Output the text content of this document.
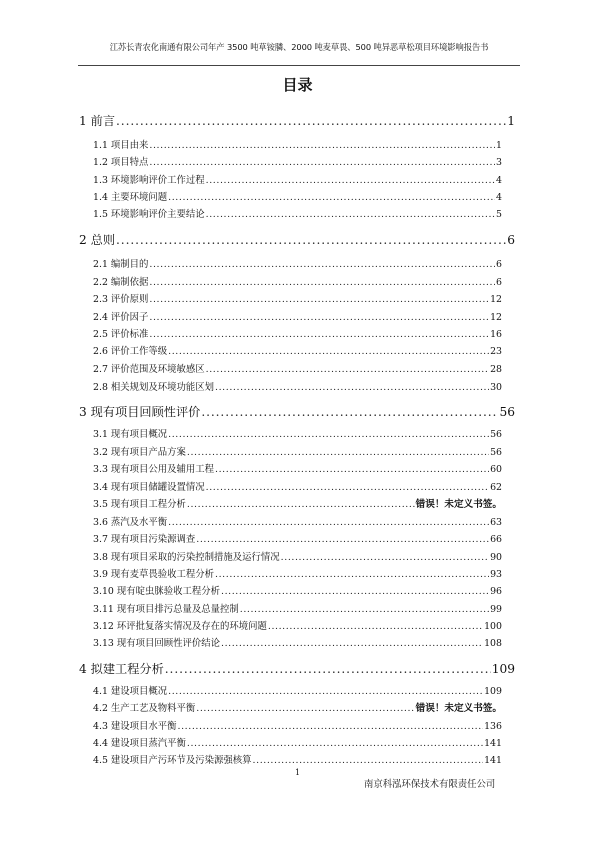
江苏长青农化南通有限公司年产 3500 吨草铵膦、2000 吨麦草畏、500 吨异恶草松项目环境影响报告书
目录
1 前言 .....	1
1.1 项目由来 .....	1
1.2 项目特点 .....	3
1.3 环境影响评价工作过程 .....	4
1.4 主要环境问题 .....	4
1.5 环境影响评价主要结论 .....	5
2 总则 .....	6
2.1 编制目的 .....	6
2.2 编制依据 .....	6
2.3 评价原则 .....	12
2.4 评价因子 .....	12
2.5 评价标准 .....	16
2.6 评价工作等级 .....	23
2.7 评价范围及环境敏感区 .....	28
2.8 相关规划及环境功能区划 .....	30
3 现有项目回顾性评价 .....	56
3.1 现有项目概况 .....	56
3.2 现有项目产品方案 .....	56
3.3 现有项目公用及辅用工程 .....	60
3.4 现有项目储罐设置情况 .....	62
3.5 现有项目工程分析 .....	错误！未定义书签。
3.6 蒸汽及水平衡 .....	63
3.7 现有项目污染源调查 .....	66
3.8 现有项目采取的污染控制措施及运行情况 .....	90
3.9 现有麦草畏验收工程分析 .....	93
3.10 现有啶虫脒验收工程分析 .....	96
3.11 现有项目排污总量及总量控制 .....	99
3.12 环评批复落实情况及存在的环境问题 .....	100
3.13 现有项目回顾性评价结论 .....	108
4 拟建工程分析 .....	109
4.1 建设项目概况 .....	109
4.2 生产工艺及物料平衡 .....	错误！未定义书签。
4.3 建设项目水平衡 .....	136
4.4 建设项目蒸汽平衡 .....	141
4.5 建设项目产污环节及污染源强核算 .....	141
1
南京科泓环保技术有限责任公司
